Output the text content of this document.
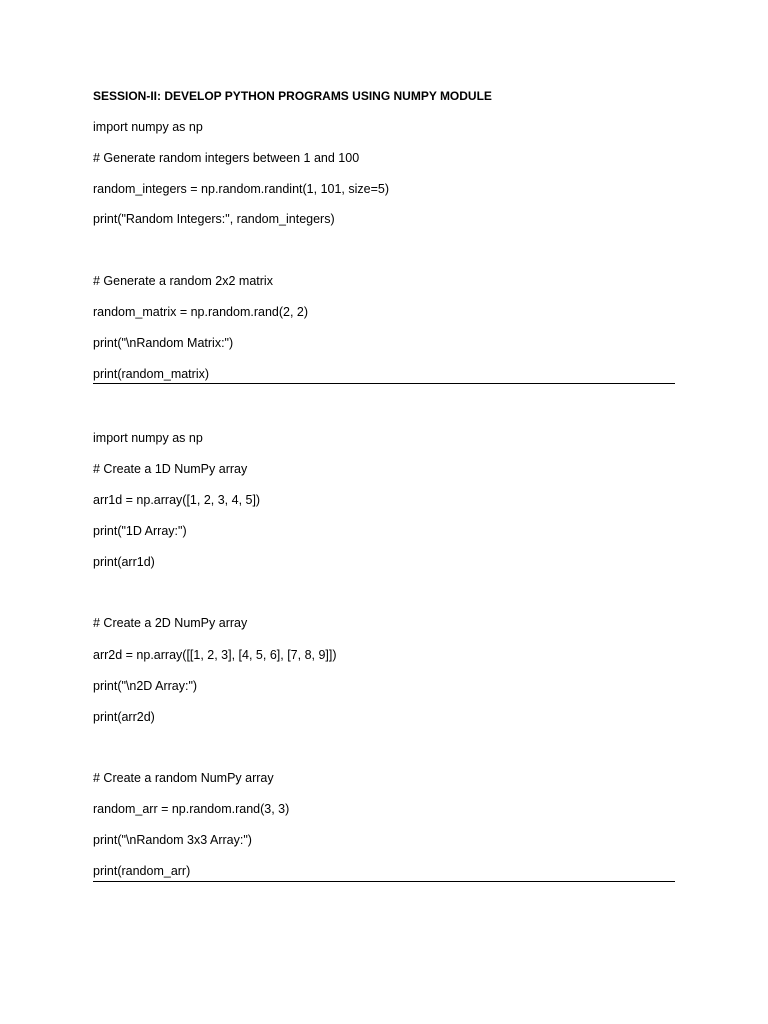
SESSION-II: DEVELOP PYTHON PROGRAMS USING NUMPY MODULE
import numpy as np
# Generate random integers between 1 and 100
random_integers = np.random.randint(1, 101, size=5)
print("Random Integers:", random_integers)
# Generate a random 2x2 matrix
random_matrix = np.random.rand(2, 2)
print("\nRandom Matrix:")
print(random_matrix)
import numpy as np
# Create a 1D NumPy array
arr1d = np.array([1, 2, 3, 4, 5])
print("1D Array:")
print(arr1d)
# Create a 2D NumPy array
arr2d = np.array([[1, 2, 3], [4, 5, 6], [7, 8, 9]])
print("\n2D Array:")
print(arr2d)
# Create a random NumPy array
random_arr = np.random.rand(3, 3)
print("\nRandom 3x3 Array:")
print(random_arr)
